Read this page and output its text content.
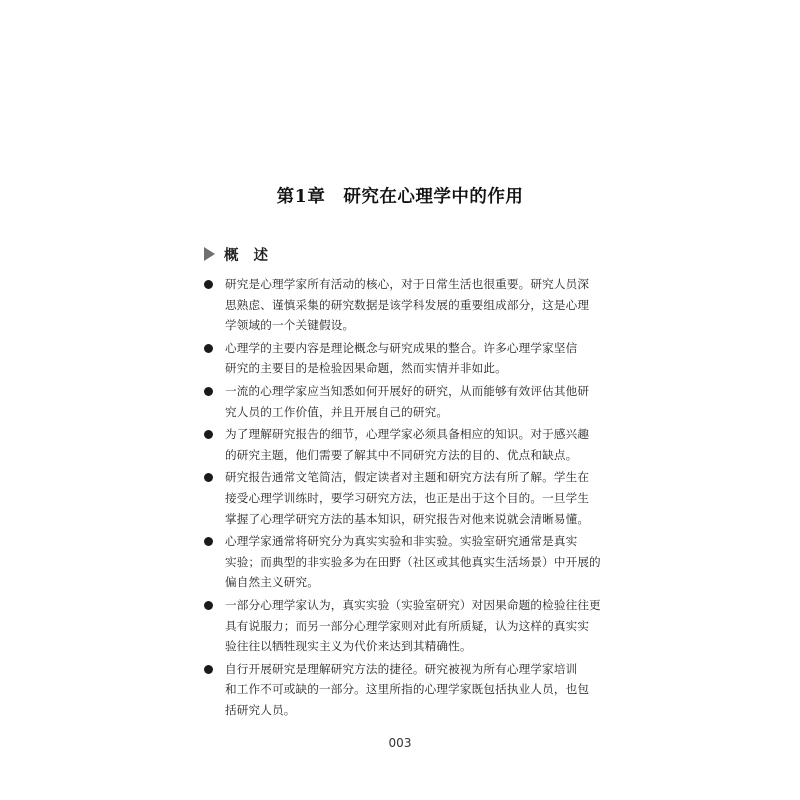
第1章　研究在心理学中的作用
概 述
研究是心理学家所有活动的核心，对于日常生活也很重要。研究人员深
思熟虑、谨慎采集的研究数据是该学科发展的重要组成部分，这是心理
学领域的一个关键假设。
心理学的主要内容是理论概念与研究成果的整合。许多心理学家坚信
研究的主要目的是检验因果命题，然而实情并非如此。
一流的心理学家应当知悉如何开展好的研究，从而能够有效评估其他研
究人员的工作价值，并且开展自己的研究。
为了理解研究报告的细节，心理学家必须具备相应的知识。对于感兴趣
的研究主题，他们需要了解其中不同研究方法的目的、优点和缺点。
研究报告通常文笔简洁，假定读者对主题和研究方法有所了解。学生在
接受心理学训练时，要学习研究方法，也正是出于这个目的。一旦学生
掌握了心理学研究方法的基本知识，研究报告对他来说就会清晰易懂。
心理学家通常将研究分为真实实验和非实验。实验室研究通常是真实
实验；而典型的非实验多为在田野（社区或其他真实生活场景）中开展的
偏自然主义研究。
一部分心理学家认为，真实实验（实验室研究）对因果命题的检验往往更
具有说服力；而另一部分心理学家则对此有所质疑，认为这样的真实实
验往往以牺牲现实主义为代价来达到其精确性。
自行开展研究是理解研究方法的捷径。研究被视为所有心理学家培训
和工作不可或缺的一部分。这里所指的心理学家既包括执业人员，也包
括研究人员。
003
